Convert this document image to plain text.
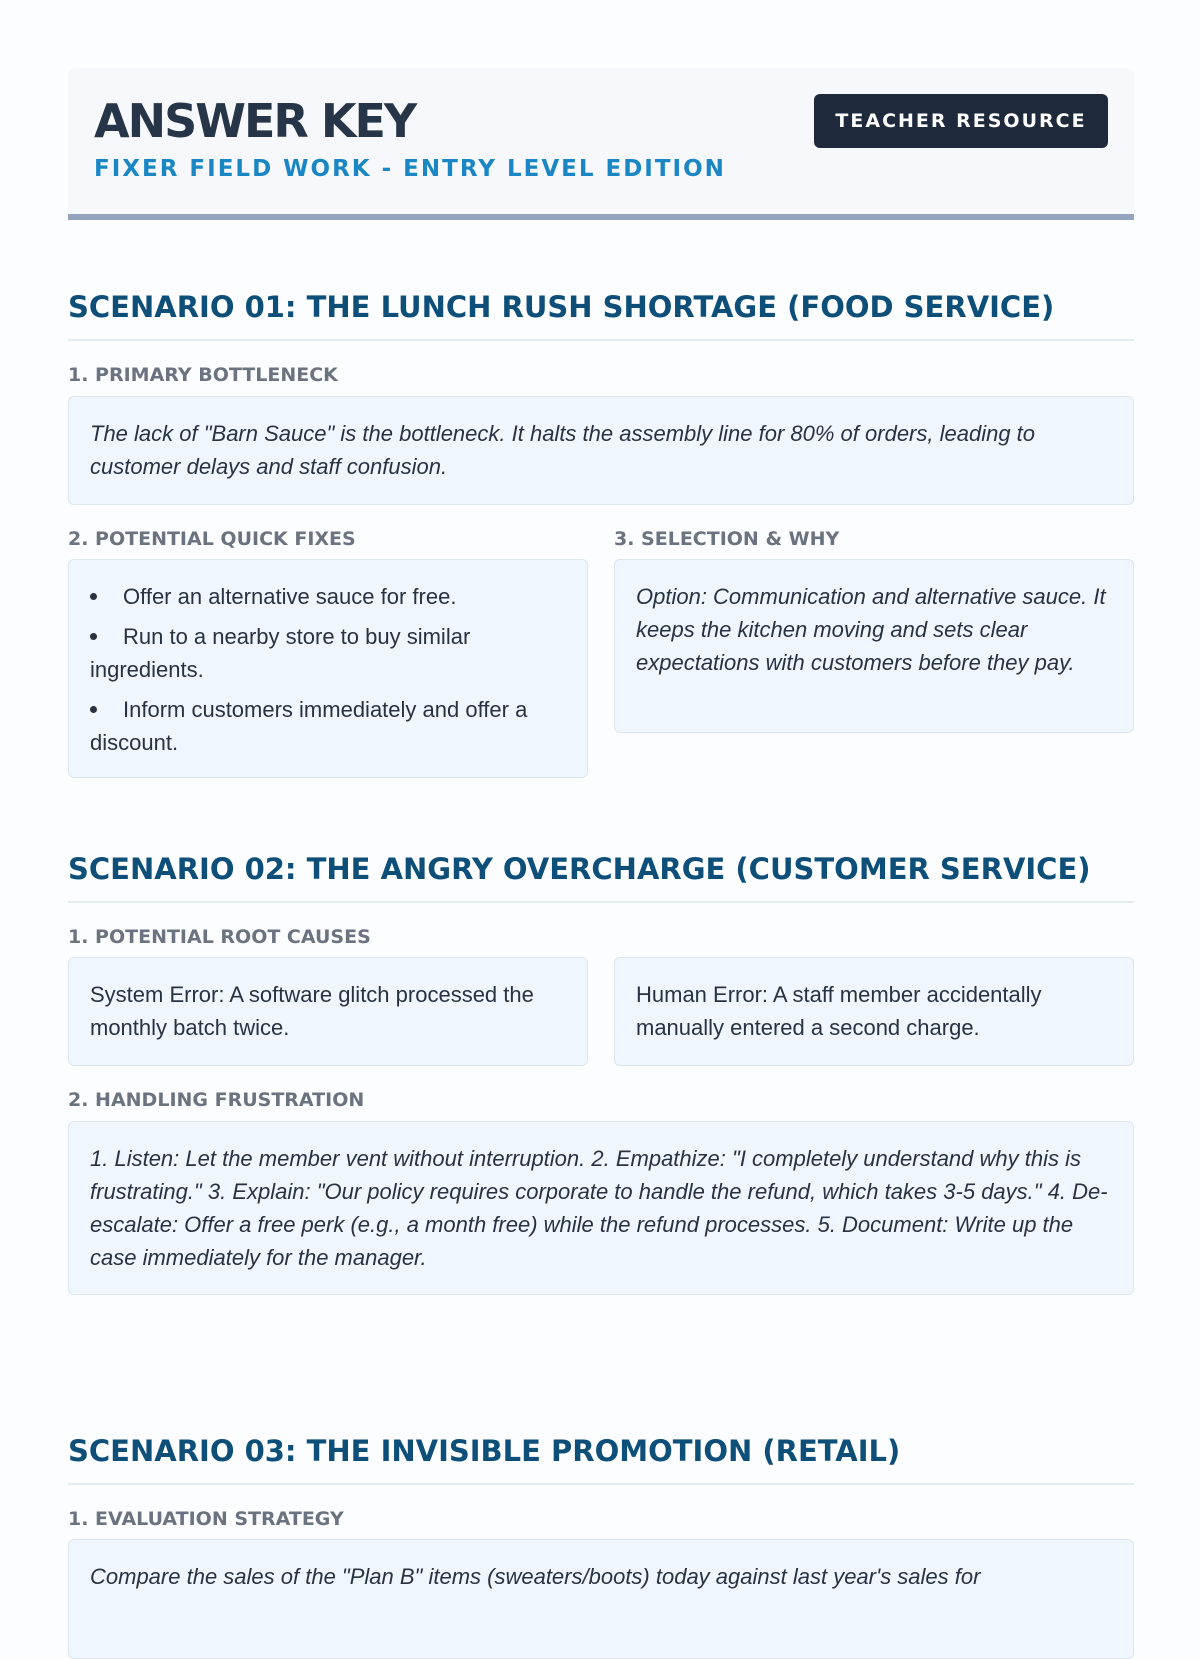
ANSWER KEY
FIXER FIELD WORK - ENTRY LEVEL EDITION
TEACHER RESOURCE
SCENARIO 01: THE LUNCH RUSH SHORTAGE (FOOD SERVICE)
1. PRIMARY BOTTLENECK
The lack of "Barn Sauce" is the bottleneck. It halts the assembly line for 80% of orders, leading to customer delays and staff confusion.
2. POTENTIAL QUICK FIXES
Offer an alternative sauce for free.
Run to a nearby store to buy similar ingredients.
Inform customers immediately and offer a discount.
3. SELECTION & WHY
Option: Communication and alternative sauce. It keeps the kitchen moving and sets clear expectations with customers before they pay.
SCENARIO 02: THE ANGRY OVERCHARGE (CUSTOMER SERVICE)
1. POTENTIAL ROOT CAUSES
System Error: A software glitch processed the monthly batch twice.
Human Error: A staff member accidentally manually entered a second charge.
2. HANDLING FRUSTRATION
1. Listen: Let the member vent without interruption. 2. Empathize: "I completely understand why this is frustrating." 3. Explain: "Our policy requires corporate to handle the refund, which takes 3-5 days." 4. De-escalate: Offer a free perk (e.g., a month free) while the refund processes. 5. Document: Write up the case immediately for the manager.
SCENARIO 03: THE INVISIBLE PROMOTION (RETAIL)
1. EVALUATION STRATEGY
Compare the sales of the "Plan B" items (sweaters/boots) today against last year's sales for
